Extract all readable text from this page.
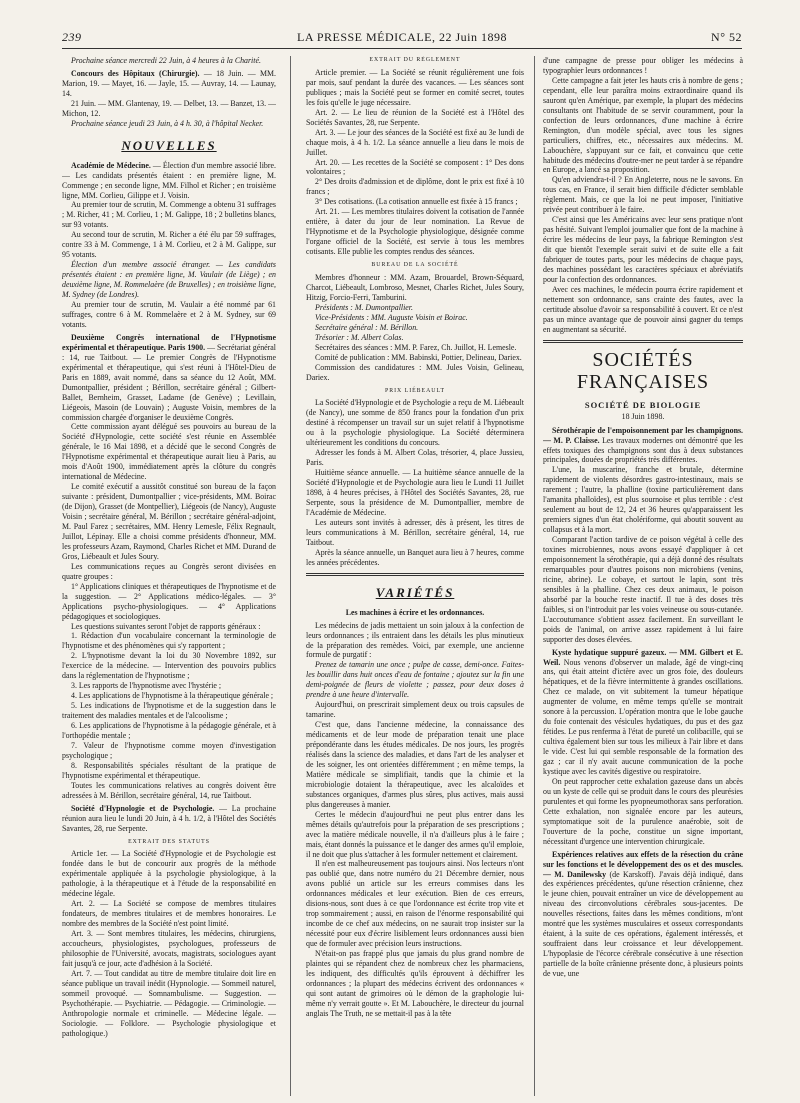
239	LA PRESSE MÉDICALE, 22 Juin 1898	N° 52

Prochaine séance mercredi 22 Juin, à 4 heures à la Charité.

Concours des Hôpitaux (Chirurgie). — 18 Juin. — MM. Marion, 19. — Mayet, 16. — Jayle, 15. — Auvray, 14. — Launay, 14.

21 Juin. — MM. Glantenay, 19. — Delbet, 13. — Banzet, 13. — Michon, 12.

Prochaine séance jeudi 23 Juin, à 4 h. 30, à l'hôpital Necker.

NOUVELLES

Académie de Médecine. — Élection d'un membre associé libre. — Les candidats présentés étaient : en première ligne, M. Commenge ; en seconde ligne, MM. Filhol et Richer ; en troisième ligne, MM. Corlieu, Gilippe et J. Voisin.

Au premier tour de scrutin, M. Commenge a obtenu 31 suffrages ; M. Richer, 41 ; M. Corlieu, 1 ; M. Galippe, 18 ; 2 bulletins blancs, sur 93 votants.

Au second tour de scrutin, M. Richer a été élu par 59 suffrages, contre 33 à M. Commenge, 1 à M. Corlieu, et 2 à M. Galippe, sur 95 votants.

Élection d'un membre associé étranger. — Les candidats présentés étaient : en première ligne, M. Vaulair (de Liège) ; en deuxième ligne, M. Rommelaère (de Bruxelles) ; en troisième ligne, M. Sydney (de Londres).

Au premier tour de scrutin, M. Vaulair a été nommé par 61 suffrages, contre 6 à M. Rommelaère et 2 à M. Sydney, sur 69 votants.

Deuxième Congrès international de l'Hypnotisme expérimental et thérapeutique. Paris 1900. — Secrétariat général : 14, rue Taitbout. — Le premier Congrès de l'Hypnotisme expérimental et thérapeutique, qui s'est réuni à l'Hôtel-Dieu de Paris en 1889, avait nommé, dans sa séance du 12 Août, MM. Dumontpallier, président ; Bérillon, secrétaire général ; Gilbert-Ballet, Bernheim, Grasset, Ladame (de Genève) ; Levillain, Liégeois, Masoin (de Louvain) ; Auguste Voisin, membres de la commission chargée d'organiser le deuxième Congrès.

Cette commission ayant délégué ses pouvoirs au bureau de la Société d'Hypnologie, cette société s'est réunie en Assemblée générale, le 16 Mai 1898, et a décidé que le second Congrès de l'Hypnotisme expérimental et thérapeutique aurait lieu à Paris, au mois d'Août 1900, immédiatement après la clôture du congrès international de Médecine.

Le comité exécutif a aussitôt constitué son bureau de la façon suivante : président, Dumontpallier ; vice-présidents, MM. Boirac (de Dijon), Grasset (de Montpellier), Liégeois (de Nancy), Auguste Voisin ; secrétaire général, M. Bérillon ; secrétaire général-adjoint, M. Paul Farez ; secrétaires, MM. Henry Lemesle, Félix Regnault, Juillot, Lépinay. Elle a choisi comme présidents d'honneur, MM. les professeurs Azam, Raymond, Charles Richet et MM. Durand de Gros, Liébeault et Jules Soury.

Les communications reçues au Congrès seront divisées en quatre groupes :

1° Applications cliniques et thérapeutiques de l'hypnotisme et de la suggestion. — 2° Applications médico-légales. — 3° Applications psycho-physiologiques. — 4° Applications pédagogiques et sociologiques.

Les questions suivantes seront l'objet de rapports généraux :

1. Rédaction d'un vocabulaire concernant la terminologie de l'hypnotisme et des phénomènes qui s'y rapportent ;

2. L'hypnotisme devant la loi du 30 Novembre 1892, sur l'exercice de la médecine. — Intervention des pouvoirs publics dans la réglementation de l'hypnotisme ;

3. Les rapports de l'hypnotisme avec l'hystérie ;

4. Les applications de l'hypnotisme à la thérapeutique générale ;

5. Les indications de l'hypnotisme et de la suggestion dans le traitement des maladies mentales et de l'alcoolisme ;

6. Les applications de l'hypnotisme à la pédagogie générale, et à l'orthopédie mentale ;

7. Valeur de l'hypnotisme comme moyen d'investigation psychologique ;

8. Responsabilités spéciales résultant de la pratique de l'hypnotisme expérimental et thérapeutique.

Toutes les communications relatives au congrès doivent être adressées à M. Bérillon, secrétaire général, 14, rue Taitbout.

Société d'Hypnologie et de Psychologie. — La prochaine réunion aura lieu le lundi 20 Juin, à 4 h. 1/2, à l'Hôtel des Sociétés Savantes, 28, rue Serpente.

EXTRAIT DES STATUTS

Article 1er. — La Société d'Hypnologie et de Psychologie est fondée dans le but de concourir aux progrès de la méthode expérimentale appliquée à la psychologie physiologique, à la pathologie, à la thérapeutique et à l'étude de la responsabilité en médecine légale.

Art. 2. — La Société se compose de membres titulaires fondateurs, de membres titulaires et de membres honoraires. Le nombre des membres de la Société n'est point limité.

Art. 3. — Sont membres titulaires, les médecins, chirurgiens, accoucheurs, physiologistes, psychologues, professeurs de philosophie de l'Université, avocats, magistrats, sociologues ayant fait jusqu'à ce jour, acte d'adhésion à la Société.

Art. 7. — Tout candidat au titre de membre titulaire doit lire en séance publique un travail inédit (Hypnologie. — Sommeil naturel, sommeil provoqué. — Somnambulisme. — Suggestion. — Psychothérapie. — Psychiatrie. — Pédagogie. — Criminologie. — Anthropologie normale et criminelle. — Médecine légale. — Sociologie. — Folklore. — Psychologie physiologique et pathologique.)

EXTRAIT DU RÈGLEMENT

Article premier. — La Société se réunit régulièrement une fois par mois, sauf pendant la durée des vacances. — Les séances sont publiques ; mais la Société peut se former en comité secret, toutes les fois qu'elle le juge nécessaire.

Art. 2. — Le lieu de réunion de la Société est à l'Hôtel des Sociétés Savantes, 28, rue Serpente.

Art. 3. — Le jour des séances de la Société est fixé au 3e lundi de chaque mois, à 4 h. 1/2. La séance annuelle a lieu dans le mois de Juillet.

Art. 20. — Les recettes de la Société se composent : 1° Des dons volontaires ;

2° Des droits d'admission et de diplôme, dont le prix est fixé à 10 francs ;

3° Des cotisations. (La cotisation annuelle est fixée à 15 francs ;

Art. 21. — Les membres titulaires doivent la cotisation de l'année entière, à dater du jour de leur nomination. La Revue de l'Hypnotisme et de la Psychologie physiologique, désignée comme l'organe officiel de la Société, est servie à tous les membres cotisants. Elle publie les comptes rendus des séances.

BUREAU DE LA SOCIÉTÉ

Membres d'honneur : MM. Azam, Brouardel, Brown-Séquard, Charcot, Liébeault, Lombroso, Mesnet, Charles Richet, Jules Soury, Hitzig, Forcio-Ferri, Tamburini.

Présidents : M. Dumontpallier.

Vice-Présidents : MM. Auguste Voisin et Boirac.

Secrétaire général : M. Bérillon.

Trésorier : M. Albert Colas.

Secrétaires des séances : MM. P. Farez, Ch. Juillot, H. Lemesle.

Comité de publication : MM. Babinski, Pottier, Delineau, Dariex.

Commission des candidatures : MM. Jules Voisin, Gelineau, Dariex.

PRIX LIÉBEAULT

La Société d'Hypnologie et de Psychologie a reçu de M. Liébeault (de Nancy), une somme de 850 francs pour la fondation d'un prix destiné à récompenser un travail sur un sujet relatif à l'hypnotisme ou à la psychologie physiologique. La Société déterminera ultérieurement les conditions du concours.

Adresser les fonds à M. Albert Colas, trésorier, 4, place Jussieu, Paris.

Huitième séance annuelle. — La huitième séance annuelle de la Société d'Hypnologie et de Psychologie aura lieu le Lundi 11 Juillet 1898, à 4 heures précises, à l'Hôtel des Sociétés Savantes, 28, rue Serpente, sous la présidence de M. Dumontpallier, membre de l'Académie de Médecine.

Les auteurs sont invités à adresser, dès à présent, les titres de leurs communications à M. Bérillon, secrétaire général, 14, rue Taitbout.

Après la séance annuelle, un Banquet aura lieu à 7 heures, comme les années précédentes.

VARIÉTÉS

Les machines à écrire et les ordonnances.

Les médecins de jadis mettaient un soin jaloux à la confection de leurs ordonnances ; ils entraient dans les détails les plus minutieux de la préparation des remèdes. Voici, par exemple, une ancienne formule de purgatif :

Prenez de tamarin une once ; pulpe de casse, demi-once. Faites-les bouillir dans huit onces d'eau de fontaine ; ajoutez sur la fin une demi-poignée de fleurs de violette ; passez, pour deux doses à prendre à une heure d'intervalle.

Aujourd'hui, on prescrirait simplement deux ou trois capsules de tamarine.

C'est que, dans l'ancienne médecine, la connaissance des médicaments et de leur mode de préparation tenait une place prépondérante dans les études médicales. De nos jours, les progrès réalisés dans la science des maladies, et dans l'art de les analyser et de les soigner, les ont orientées différemment ; en même temps, la Matière médicale se simplifiait, tandis que la chimie et la microbiologie dotaient la thérapeutique, avec les alcaloïdes et substances organiques, d'armes plus sûres, plus actives, mais aussi plus dangereuses à manier.

Certes le médecin d'aujourd'hui ne peut plus entrer dans les mêmes détails qu'autrefois pour la préparation de ses prescriptions ; avec la matière médicale nouvelle, il n'a d'ailleurs plus à le faire ; mais, étant donnés la puissance et le danger des armes qu'il emploie, il ne doit que plus s'attacher à les formuler nettement et clairement.

Il n'en est malheureusement pas toujours ainsi. Nos lecteurs n'ont pas oublié que, dans notre numéro du 21 Décembre dernier, nous avons publié un article sur les erreurs commises dans les ordonnances médicales et leur exécution. Bien de ces erreurs, disions-nous, sont dues à ce que l'ordonnance est écrite trop vite et trop sommairement ; aussi, en raison de l'énorme responsabilité qui incombe de ce chef aux médecins, on ne saurait trop insister sur la nécessité pour eux d'écrire lisiblement leurs ordonnances aussi bien que de formuler avec précision leurs instructions.

N'était-on pas frappé plus que jamais du plus grand nombre de plaintes qui se répandent chez de nombreux chez les pharmaciens, les indiquent, des difficultés qu'ils éprouvent à déchiffrer les ordonnances ; la plupart des médecins écrivent des ordonnances « qui sont autant de grimoires où le démon de la graphologie lui-même n'y verrait goutte ». Et M. Labouchère, le directeur du journal anglais The Truth, ne se mettait-il pas à la tête

d'une campagne de presse pour obliger les médecins à typographier leurs ordonnances !

Cette campagne a fait jeter les hauts cris à nombre de gens ; cependant, elle leur paraîtra moins extraordinaire quand ils sauront qu'en Amérique, par exemple, la plupart des médecins consultants ont l'habitude de se servir couramment, pour la confection de leurs ordonnances, d'une machine à écrire Remington, d'un modèle spécial, avec tous les signes particuliers, chiffres, etc., nécessaires aux médecins. M. Labouchère, s'appuyant sur ce fait, et convaincu que cette habitude des médecins d'outre-mer ne peut tarder à se répandre en Europe, a lancé sa proposition.

Qu'en adviendra-t-il ? En Angleterre, nous ne le savons. En tous cas, en France, il serait bien difficile d'édicter semblable règlement. Mais, ce que la loi ne peut imposer, l'initiative privée peut contribuer à le faire.

C'est ainsi que les Américains avec leur sens pratique n'ont pas hésité. Suivant l'emploi journalier que font de la machine à écrire les médecins de leur pays, la fabrique Remington s'est dit que bientôt l'exemple serait suivi et de suite elle a fait fabriquer de toutes parts, pour les médecins de chaque pays, des machines possédant les caractères spéciaux et abréviatifs pour la confection des ordonnances.

Avec ces machines, le médecin pourra écrire rapidement et nettement son ordonnance, sans crainte des fautes, avec la certitude absolue d'avoir sa responsabilité à couvert. Et ce n'est pas un mince avantage que de pouvoir ainsi gagner du temps en augmentant sa sécurité.

SOCIÉTÉS FRANÇAISES
SOCIÉTÉ DE BIOLOGIE
18 Juin 1898.

Sérothérapie de l'empoisonnement par les champignons. — M. P. Claisse. Les travaux modernes ont démontré que les effets toxiques des champignons sont dus à deux substances principales, douées de propriétés très différentes.

L'une, la muscarine, franche et brutale, détermine rapidement de violents désordres gastro-intestinaux, mais se rarement ; l'autre, la phalline (toxine particulièrement dans l'amanita phalloïdes), est plus sournoise et plus terrible : c'est seulement au bout de 12, 24 et 36 heures qu'apparaissent les premiers signes d'un état cholériforme, qui aboutit souvent au collapsus et à la mort.

Comparant l'action tardive de ce poison végétal à celle des toxines microbiennes, nous avons essayé d'appliquer à cet empoisonnement la sérothérapie, qui a déjà donné des résultats remarquables pour d'autres poisons non microbiens (venins, ricine, abrine). Le cobaye, et surtout le lapin, sont très sensibles à la phalline. Chez ces deux animaux, le poison absorbé par la bouche reste inactif. Il tue à des doses très faibles, si on l'introduit par les voies veineuse ou sous-cutanée. L'accoutumance s'obtient assez facilement. En surveillant le poids de l'animal, on arrive assez rapidement à lui faire supporter des doses élevées.

Kyste hydatique suppuré gazeux. — MM. Gilbert et E. Weil. Nous venons d'observer un malade, âgé de vingt-cinq ans, qui était atteint d'ictère avec un gros foie, des douleurs hépatiques, et de la fièvre intermittente à grandes oscillations. Chez ce malade, on vit subitement la tumeur hépatique augmenter de volume, en même temps qu'elle se montrait sonore à la percussion. L'opération montra que le lobe gauche du foie contenait des vésicules hydatiques, du pus et des gaz fétides. Le pus renferma à l'état de pureté un colibacille, qui se cultiva également bien sur tous les milieux à l'air libre et dans le vide. C'est lui qui semble responsable de la formation des gaz ; car il n'y avait aucune communication de la poche kystique avec les cavités digestive ou respiratoire.

On peut rapprocher cette exhalation gazeuse dans un abcès ou un kyste de celle qui se produit dans le cours des pleurésies purulentes et qui forme les pyopneumothorax sans perforation. Cette exhalation, non signalée encore par les auteurs, symptomatique soit de la purulence anaérobie, soit de l'ouverture de la poche, constitue un signe important, nécessitant d'urgence une intervention chirurgicale.

Expériences relatives aux effets de la résection du crâne sur les fonctions et le développement des os et des muscles. — M. Danilewsky (de Karskoff). J'avais déjà indiqué, dans des expériences précédentes, qu'une résection crânienne, chez le jeune chien, pouvait entraîner un vice de développement au niveau des circonvolutions cérébrales sous-jacentes. De nouvelles résections, faites dans les mêmes conditions, m'ont montré que les systèmes musculaires et osseux correspondants étaient, à la suite de ces opérations, également intéressés, et souffraient dans leur croissance et leur développement. L'hypoplasie de l'écorce cérébrale consécutive à une résection partielle de la boîte crânienne présente donc, à plusieurs points de vue, une
